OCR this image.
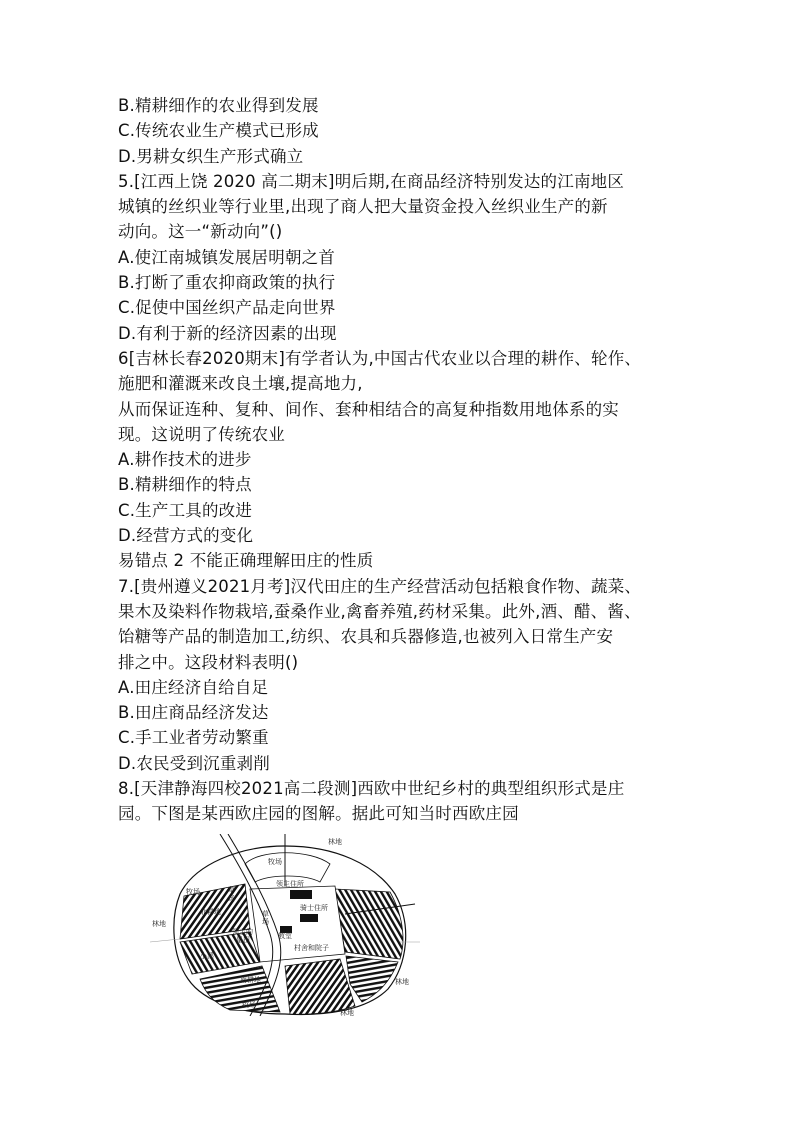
B.精耕细作的农业得到发展
C.传统农业生产模式已形成
D.男耕女织生产形式确立
5.[江西上饶 2020 高二期末]明后期,在商品经济特别发达的江南地区
城镇的丝织业等行业里,出现了商人把大量资金投入丝织业生产的新
动向。这一“新动向”()
A.使江南城镇发展居明朝之首
B.打断了重农抑商政策的执行
C.促使中国丝织产品走向世界
D.有利于新的经济因素的出现
6[吉林长春2020期末]有学者认为,中国古代农业以合理的耕作、轮作、
施肥和灌溉来改良土壤,提高地力,
从而保证连种、复种、间作、套种相结合的高复种指数用地体系的实
现。这说明了传统农业
A.耕作技术的进步
B.精耕细作的特点
C.生产工具的改进
D.经营方式的变化
易错点 2 不能正确理解田庄的性质
7.[贵州遵义2021月考]汉代田庄的生产经营活动包括粮食作物、蔬菜、
果木及染料作物栽培,蚕桑作业,禽畜养殖,药材采集。此外,酒、醋、酱、
饴糖等产品的制造加工,纺织、农具和兵器修造,也被列入日常生产安
排之中。这段材料表明()
A.田庄经济自给自足
B.田庄商品经济发达
C.手工业者劳动繁重
D.农民受到沉重剥削
8.[天津静海四校2021高二段测]西欧中世纪乡村的典型组织形式是庄
园。下图是某西欧庄园的图解。据此可知当时西欧庄园
林地
牧场
领主住所
草
场
骑士住所
草
场
教堂
林地
牧场
北耕地
领主的
星田
村舍和院子
小溪
南耕地	林地
牧场
林地
